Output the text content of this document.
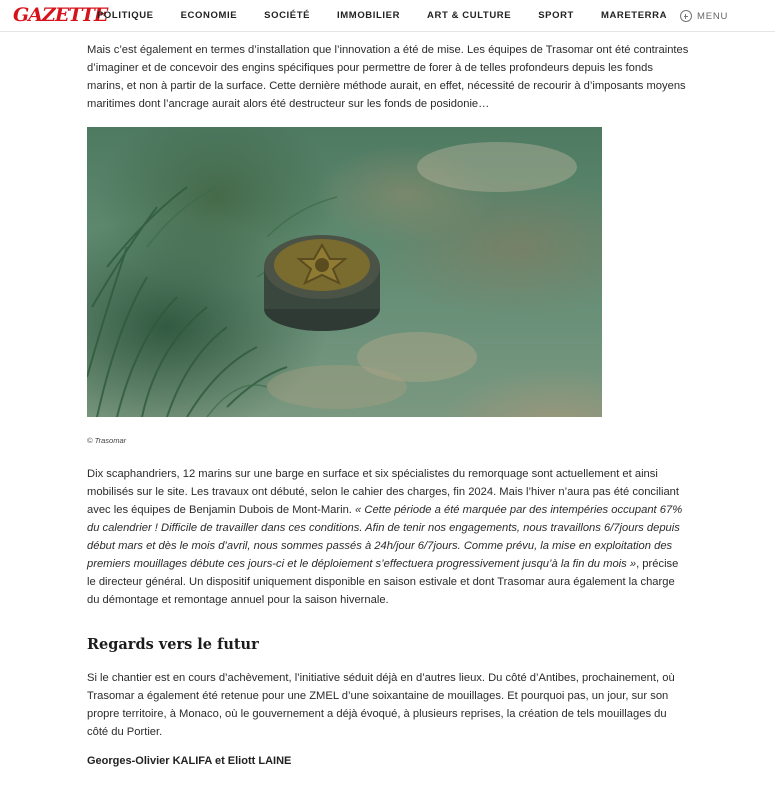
GAZETTE
POLITIQUE	ECONOMIE	SOCIÉTÉ	IMMOBILIER	ART & CULTURE	SPORT	MARETERRA	MENU

Mais c’est également en termes d’installation que l’innovation a été de mise. Les équipes de Trasomar ont été contraintes d’imaginer et de concevoir des engins spécifiques pour permettre de forer à de telles profondeurs depuis les fonds marins, et non à partir de la surface. Cette dernière méthode aurait, en effet, nécessité de recourir à d’imposants moyens maritimes dont l’ancrage aurait alors été destructeur sur les fonds de posidonie…

© Trasomar

Dix scaphandriers, 12 marins sur une barge en surface et six spécialistes du remorquage sont actuellement et ainsi mobilisés sur le site. Les travaux ont débuté, selon le cahier des charges, fin 2024. Mais l’hiver n’aura pas été conciliant avec les équipes de Benjamin Dubois de Mont-Marin. « Cette période a été marquée par des intempéries occupant 67% du calendrier ! Difficile de travailler dans ces conditions. Afin de tenir nos engagements, nous travaillons 6/7jours depuis début mars et dès le mois d’avril, nous sommes passés à 24h/jour 6/7jours. Comme prévu, la mise en exploitation des premiers mouillages débute ces jours-ci et le déploiement s’effectuera progressivement jusqu’à la fin du mois », précise le directeur général. Un dispositif uniquement disponible en saison estivale et dont Trasomar aura également la charge du démontage et remontage annuel pour la saison hivernale.

Regards vers le futur

Si le chantier est en cours d’achèvement, l’initiative séduit déjà en d’autres lieux. Du côté d’Antibes, prochainement, où Trasomar a également été retenue pour une ZMEL d’une soixantaine de mouillages. Et pourquoi pas, un jour, sur son propre territoire, à Monaco, où le gouvernement a déjà évoqué, à plusieurs reprises, la création de tels mouillages du côté du Portier.

Georges-Olivier KALIFA et Eliott LAINE
